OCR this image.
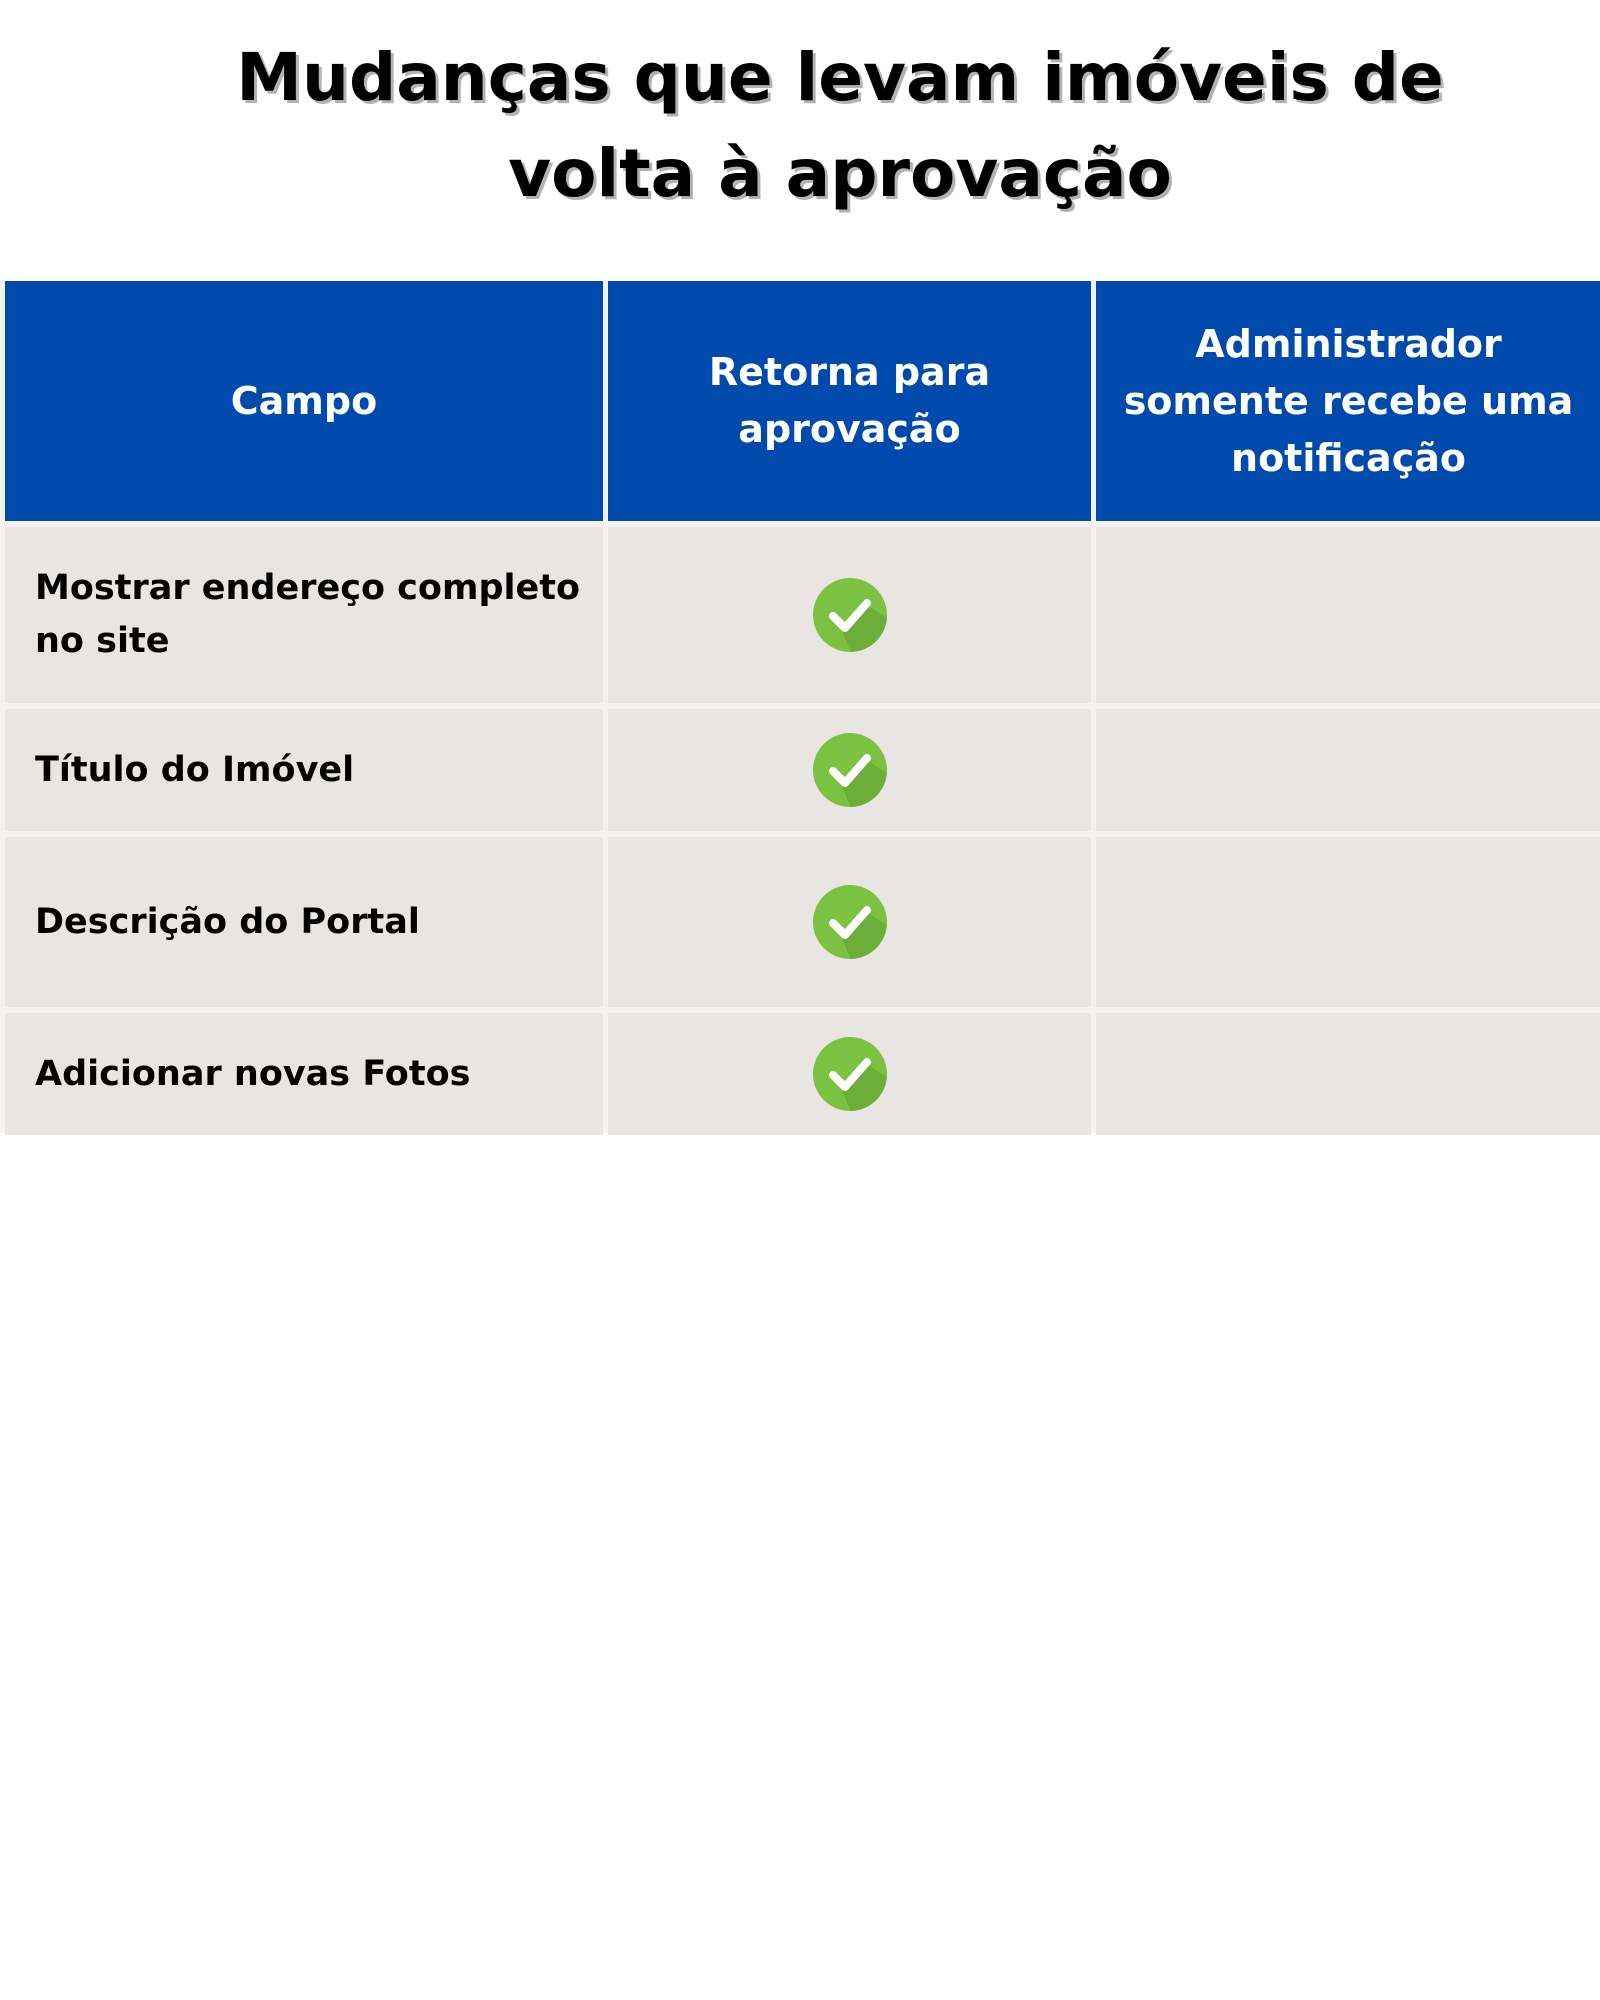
Mudanças que levam imóveis de
volta à aprovação
Campo
Retorna para aprovação
Administrador somente recebe uma notificação
Mostrar endereço completo no site
Título do Imóvel
Descrição do Portal
Adicionar novas Fotos
